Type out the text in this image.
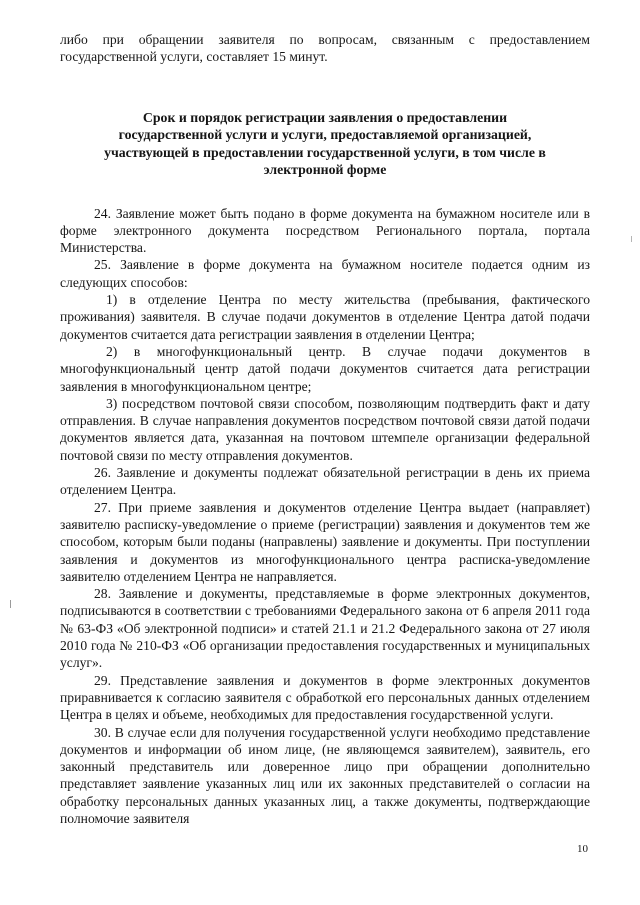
либо при обращении заявителя по вопросам, связанным с предоставлением государственной услуги, составляет 15 минут.

Срок и порядок регистрации заявления о предоставлении
государственной услуги и услуги, предоставляемой организацией,
участвующей в предоставлении государственной услуги, в том числе в
электронной форме

24. Заявление может быть подано в форме документа на бумажном носителе или в форме электронного документа посредством Регионального портала, портала Министерства.

25. Заявление в форме документа на бумажном носителе подается одним из следующих способов:

1) в отделение Центра по месту жительства (пребывания, фактического проживания) заявителя. В случае подачи документов в отделение Центра датой подачи документов считается дата регистрации заявления в отделении Центра;

2) в многофункциональный центр. В случае подачи документов в многофункциональный центр датой подачи документов считается дата регистрации заявления в многофункциональном центре;

3) посредством почтовой связи способом, позволяющим подтвердить факт и дату отправления. В случае направления документов посредством почтовой связи датой подачи документов является дата, указанная на почтовом штемпеле организации федеральной почтовой связи по месту отправления документов.

26. Заявление и документы подлежат обязательной регистрации в день их приема отделением Центра.

27. При приеме заявления и документов отделение Центра выдает (направляет) заявителю расписку-уведомление о приеме (регистрации) заявления и документов тем же способом, которым были поданы (направлены) заявление и документы. При поступлении заявления и документов из многофункционального центра расписка-уведомление заявителю отделением Центра не направляется.

28. Заявление и документы, представляемые в форме электронных документов, подписываются в соответствии с требованиями Федерального закона от 6 апреля 2011 года № 63-ФЗ «Об электронной подписи» и статей 21.1 и 21.2 Федерального закона от 27 июля 2010 года № 210-ФЗ «Об организации предоставления государственных и муниципальных услуг».

29. Представление заявления и документов в форме электронных документов приравнивается к согласию заявителя с обработкой его персональных данных отделением Центра в целях и объеме, необходимых для предоставления государственной услуги.

30. В случае если для получения государственной услуги необходимо представление документов и информации об ином лице, (не являющемся заявителем), заявитель, его законный представитель или доверенное лицо при обращении дополнительно представляет заявление указанных лиц или их законных представителей о согласии на обработку персональных данных указанных лиц, а также документы, подтверждающие полномочие заявителя

10
